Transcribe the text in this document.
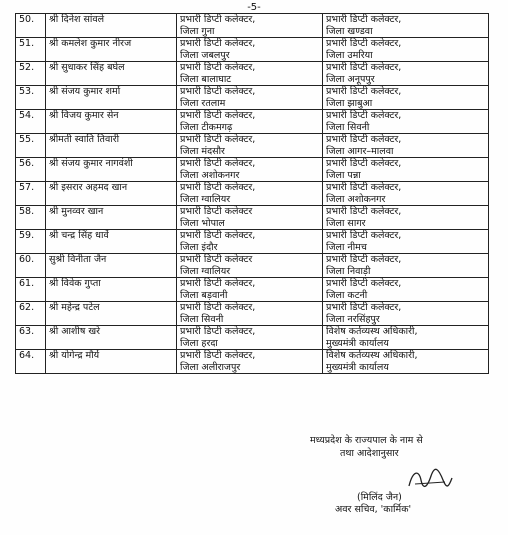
-5-
50.	श्री दिनेश सांवले	प्रभारी डिप्टी कलेक्टर,
जिला गुना	प्रभारी डिप्टी कलेक्टर,
जिला खण्डवा

51.	श्री कमलेश कुमार नीरज	प्रभारी डिप्टी कलेक्टर,
जिला जबलपुर	प्रभारी डिप्टी कलेक्टर,
जिला उमरिया

52.	श्री सुधाकर सिंह बघेल	प्रभारी डिप्टी कलेक्टर,
जिला बालाघाट	प्रभारी डिप्टी कलेक्टर,
जिला अनूपपुर

53.	श्री संजय कुमार शर्मा	प्रभारी डिप्टी कलेक्टर,
जिला रतलाम	प्रभारी डिप्टी कलेक्टर,
जिला झाबुआ

54.	श्री विजय कुमार सेन	प्रभारी डिप्टी कलेक्टर,
जिला टीकमगढ़	प्रभारी डिप्टी कलेक्टर,
जिला सिवनी

55.	श्रीमती स्वाति तिवारी	प्रभारी डिप्टी कलेक्टर,
जिला मंदसौर	प्रभारी डिप्टी कलेक्टर,
जिला आगर–मालवा

56.	श्री संजय कुमार नागवंशी	प्रभारी डिप्टी कलेक्टर,
जिला अशोकनगर	प्रभारी डिप्टी कलेक्टर,
जिला पन्ना

57.	श्री इसरार अहमद खान	प्रभारी डिप्टी कलेक्टर,
जिला ग्वालियर	प्रभारी डिप्टी कलेक्टर,
जिला अशोकनगर

58.	श्री मुनव्वर खान	प्रभारी डिप्टी कलेक्टर
जिला भोपाल	प्रभारी डिप्टी कलेक्टर,
जिला सागर

59.	श्री चन्द्र सिंह धार्वे	प्रभारी डिप्टी कलेक्टर,
जिला इंदौर	प्रभारी डिप्टी कलेक्टर,
जिला नीमच

60.	सुश्री विनीता जैन	प्रभारी डिप्टी कलेक्टर
जिला ग्वालियर	प्रभारी डिप्टी कलेक्टर,
जिला निवाड़ी

61.	श्री विवेक गुप्ता	प्रभारी डिप्टी कलेक्टर,
जिला बड़वानी	प्रभारी डिप्टी कलेक्टर,
जिला कटनी

62.	श्री महेन्द्र पटेल	प्रभारी डिप्टी कलेक्टर,
जिला सिवनी	प्रभारी डिप्टी कलेक्टर,
जिला नरसिंहपुर

63.	श्री आशीष खरे	प्रभारी डिप्टी कलेक्टर,
जिला हरदा	विशेष कर्तव्यस्थ अधिकारी,
मुख्यमंत्री कार्यालय

64.	श्री योगेन्द्र मौर्य	प्रभारी डिप्टी कलेक्टर,
जिला अलीराजपुर	विशेष कर्तव्यस्थ अधिकारी,
मुख्यमंत्री कार्यालय
मध्यप्रदेश के राज्यपाल के नाम से
तथा आदेशानुसार
(मिलिंद जैन)
अवर सचिव, 'कार्मिक'
